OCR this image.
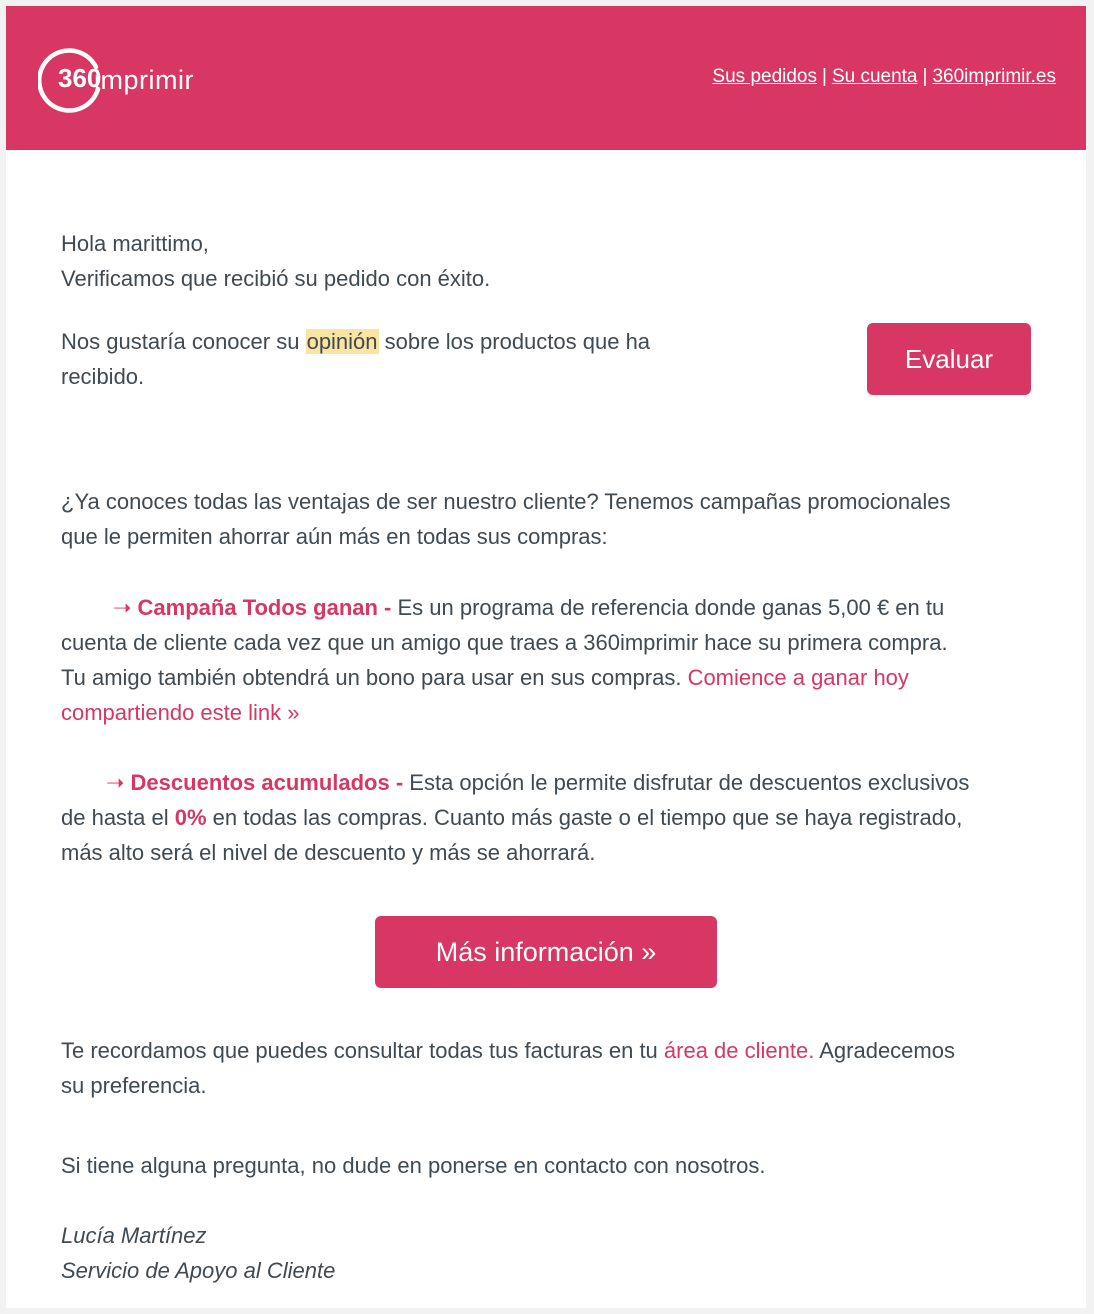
360
imprimir	Sus pedidos | Su cuenta | 360imprimir.es

Hola marittimo,

Verificamos que recibió su pedido con éxito.

Nos gustaría conocer su opinión sobre los productos que ha

recibido.

Evaluar

¿Ya conoces todas las ventajas de ser nuestro cliente? Tenemos campañas promocionales

que le permiten ahorrar aún más en todas sus compras:

➝ Campaña Todos ganan - Es un programa de referencia donde ganas 5,00 € en tu

cuenta de cliente cada vez que un amigo que traes a 360imprimir hace su primera compra.

Tu amigo también obtendrá un bono para usar en sus compras. Comience a ganar hoy

compartiendo este link »

➝ Descuentos acumulados - Esta opción le permite disfrutar de descuentos exclusivos

de hasta el 0% en todas las compras. Cuanto más gaste o el tiempo que se haya registrado,

más alto será el nivel de descuento y más se ahorrará.

Más información »

Te recordamos que puedes consultar todas tus facturas en tu área de cliente. Agradecemos

su preferencia.

Si tiene alguna pregunta, no dude en ponerse en contacto con nosotros.

Lucía Martínez

Servicio de Apoyo al Cliente
